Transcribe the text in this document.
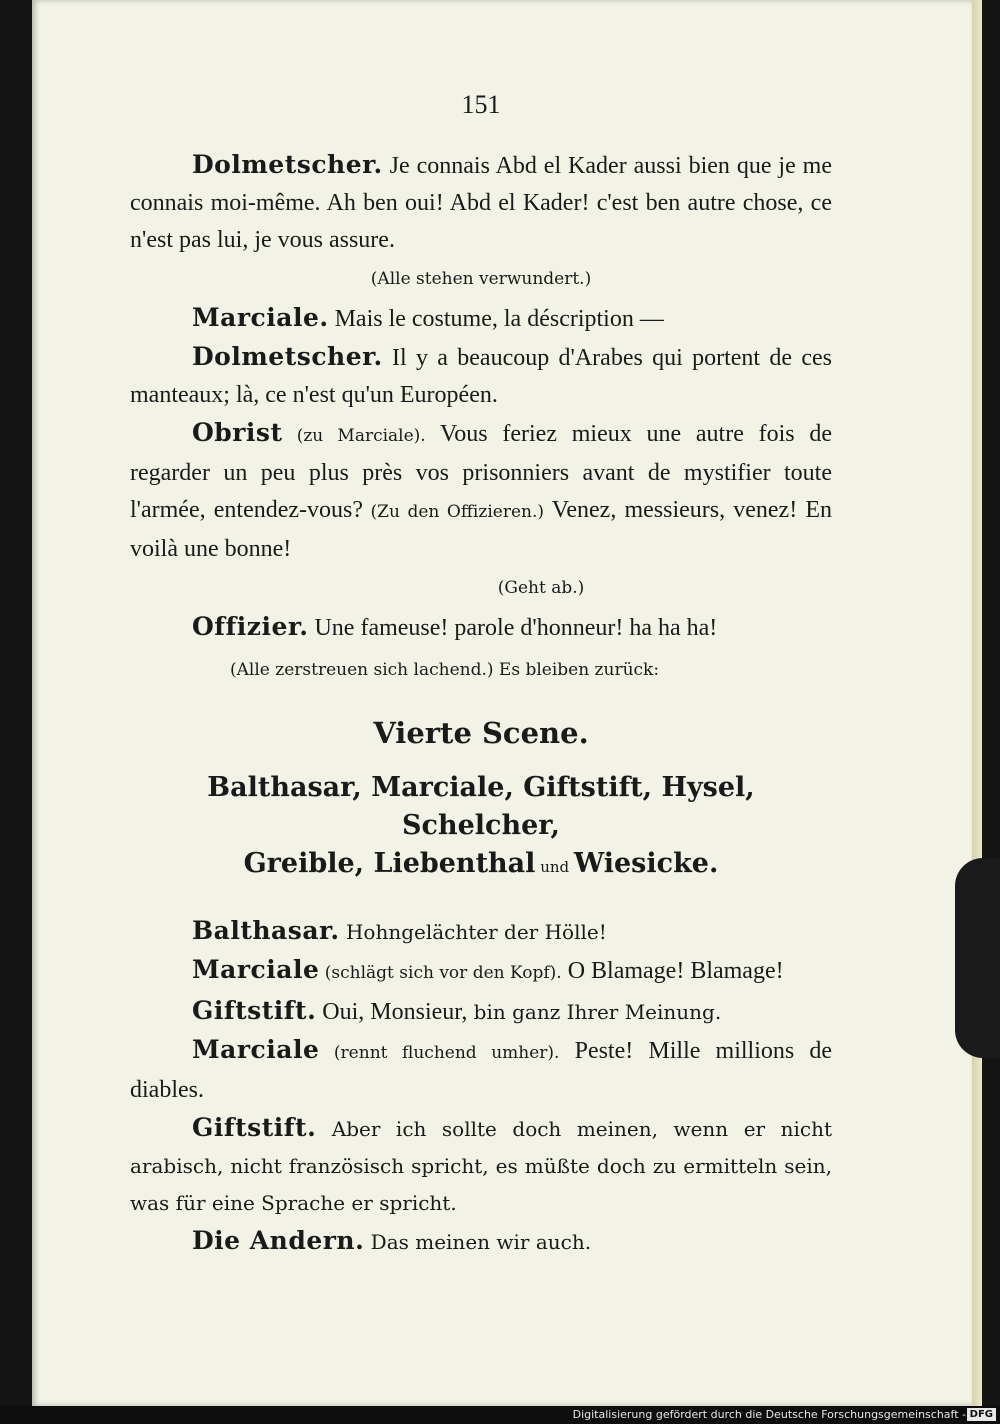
151

Dolmetscher. Je connais Abd el Kader aussi bien que je me connais moi-même. Ah ben oui! Abd el Kader! c'est ben autre chose, ce n'est pas lui, je vous assure.

(Alle stehen verwundert.)

Marciale. Mais le costume, la déscription —

Dolmetscher. Il y a beaucoup d'Arabes qui portent de ces manteaux; là, ce n'est qu'un Européen.

Obrist (zu Marciale). Vous feriez mieux une autre fois de regarder un peu plus près vos prisonniers avant de mystifier toute l'armée, entendez-vous? (Zu den Offizieren.) Venez, messieurs, venez! En voilà une bonne!

(Geht ab.)

Offizier. Une fameuse! parole d'honneur! ha ha ha!

(Alle zerstreuen sich lachend.) Es bleiben zurück:

Vierte Scene.
Balthasar, Marciale, Giftstift, Hysel, Schelcher,
Greible, Liebenthal und Wiesicke.

Balthasar. Hohngelächter der Hölle!

Marciale (schlägt sich vor den Kopf). O Blamage! Blamage!

Giftstift. Oui, Monsieur, bin ganz Ihrer Meinung.

Marciale (rennt fluchend umher). Peste! Mille millions de diables.

Giftstift. Aber ich sollte doch meinen, wenn er nicht arabisch, nicht französisch spricht, es müßte doch zu ermitteln sein, was für eine Sprache er spricht.

Die Andern. Das meinen wir auch.

Digitalisierung gefördert durch die Deutsche Forschungsgemeinschaft - DFG
